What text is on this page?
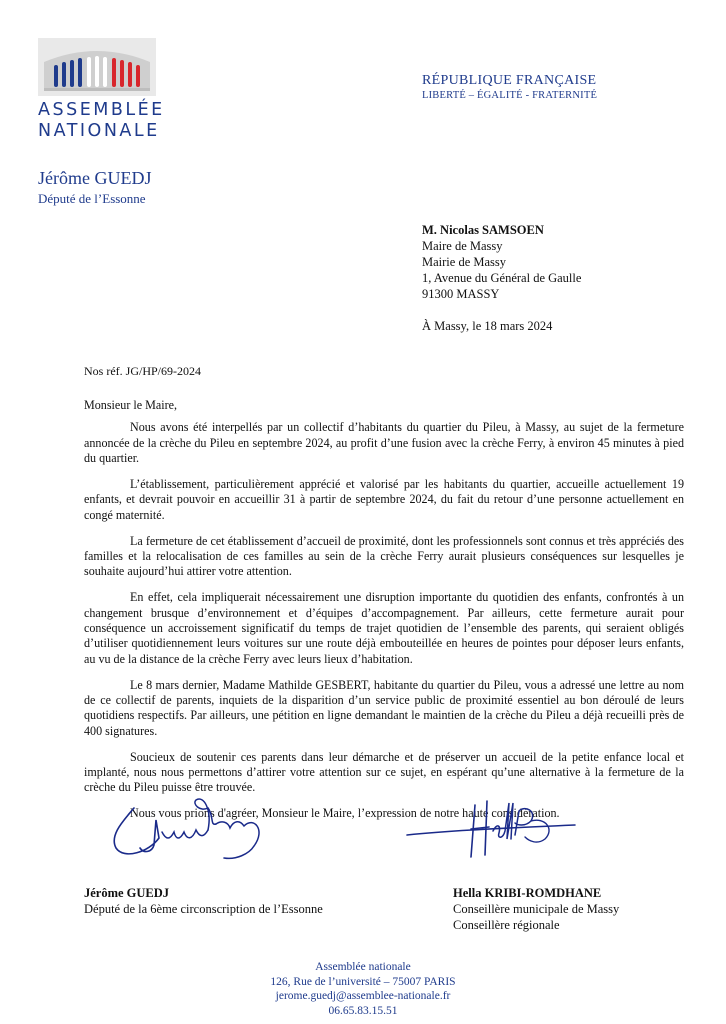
ASSEMBLÉE
NATIONALE
RÉPUBLIQUE FRANÇAISE
LIBERTÉ – ÉGALITÉ - FRATERNITÉ
Jérôme GUEDJ
Député de l’Essonne
M. Nicolas SAMSOEN
Maire de Massy
Mairie de Massy
1, Avenue du Général de Gaulle
91300 MASSY
À Massy, le 18 mars 2024
Nos réf. JG/HP/69-2024

Monsieur le Maire,

Nous avons été interpellés par un collectif d’habitants du quartier du Pileu, à Massy, au sujet de la fermeture annoncée de la crèche du Pileu en septembre 2024, au profit d’une fusion avec la crèche Ferry, à environ 45 minutes à pied du quartier.

L’établissement, particulièrement apprécié et valorisé par les habitants du quartier, accueille actuellement 19 enfants, et devrait pouvoir en accueillir 31 à partir de septembre 2024, du fait du retour d’une personne actuellement en congé maternité.

La fermeture de cet établissement d’accueil de proximité, dont les professionnels sont connus et très appréciés des familles et la relocalisation de ces familles au sein de la crèche Ferry aurait plusieurs conséquences sur lesquelles je souhaite aujourd’hui attirer votre attention.

En effet, cela impliquerait nécessairement une disruption importante du quotidien des enfants, confrontés à un changement brusque d’environnement et d’équipes d’accompagnement. Par ailleurs, cette fermeture aurait pour conséquence un accroissement significatif du temps de trajet quotidien de l’ensemble des parents, qui seraient obligés d’utiliser quotidiennement leurs voitures sur une route déjà embouteillée en heures de pointes pour déposer leurs enfants, au vu de la distance de la crèche Ferry avec leurs lieux d’habitation.

Le 8 mars dernier, Madame Mathilde GESBERT, habitante du quartier du Pileu, vous a adressé une lettre au nom de ce collectif de parents, inquiets de la disparition d’un service public de proximité essentiel au bon déroulé de leurs quotidiens respectifs. Par ailleurs, une pétition en ligne demandant le maintien de la crèche du Pileu a déjà recueilli près de 400 signatures.

Soucieux de soutenir ces parents dans leur démarche et de préserver un accueil de la petite enfance local et implanté, nous nous permettons d’attirer votre attention sur ce sujet, en espérant qu’une alternative à la fermeture de la crèche du Pileu puisse être trouvée.

Nous vous prions d'agréer, Monsieur le Maire, l’expression de notre haute considération.

Jérôme GUEDJ
Député de la 6ème circonscription de l’Essonne
Hella KRIBI-ROMDHANE
Conseillère municipale de Massy
Conseillère régionale
Assemblée nationale
126, Rue de l’université – 75007 PARIS
jerome.guedj@assemblee-nationale.fr
06.65.83.15.51
